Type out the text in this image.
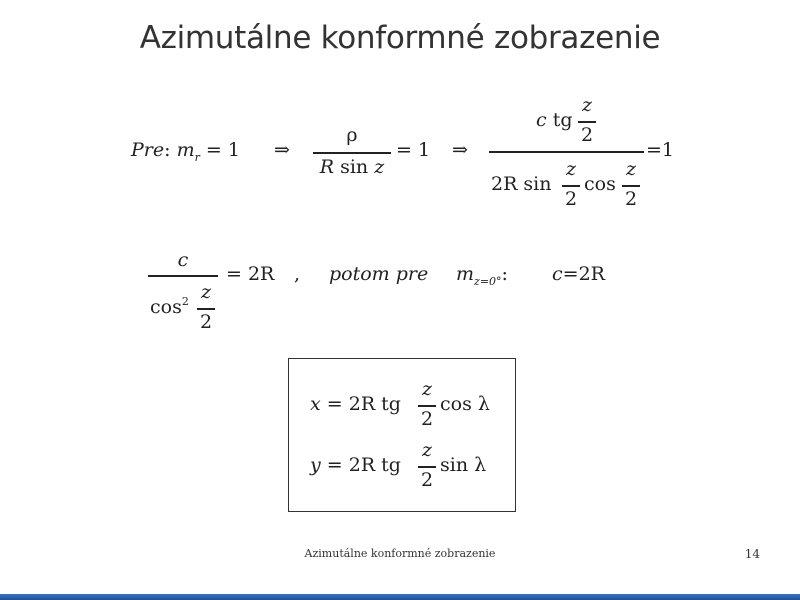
Azimutálne konformné zobrazenie
Pre: $m_r = 1$ ⇒
ρ
R sin z
= 1 ⇒
c tg
z
2
=1
2R sin
z
2
cos
z
2
c
$\cos^2 z$
2
= 2R , potom pre $m_{z=0^\circ}$: c=2R
x = 2R tg
z
2
cos λ
y = 2R tg
z
2
sin λ
Azimutálne konformné zobrazenie	14
